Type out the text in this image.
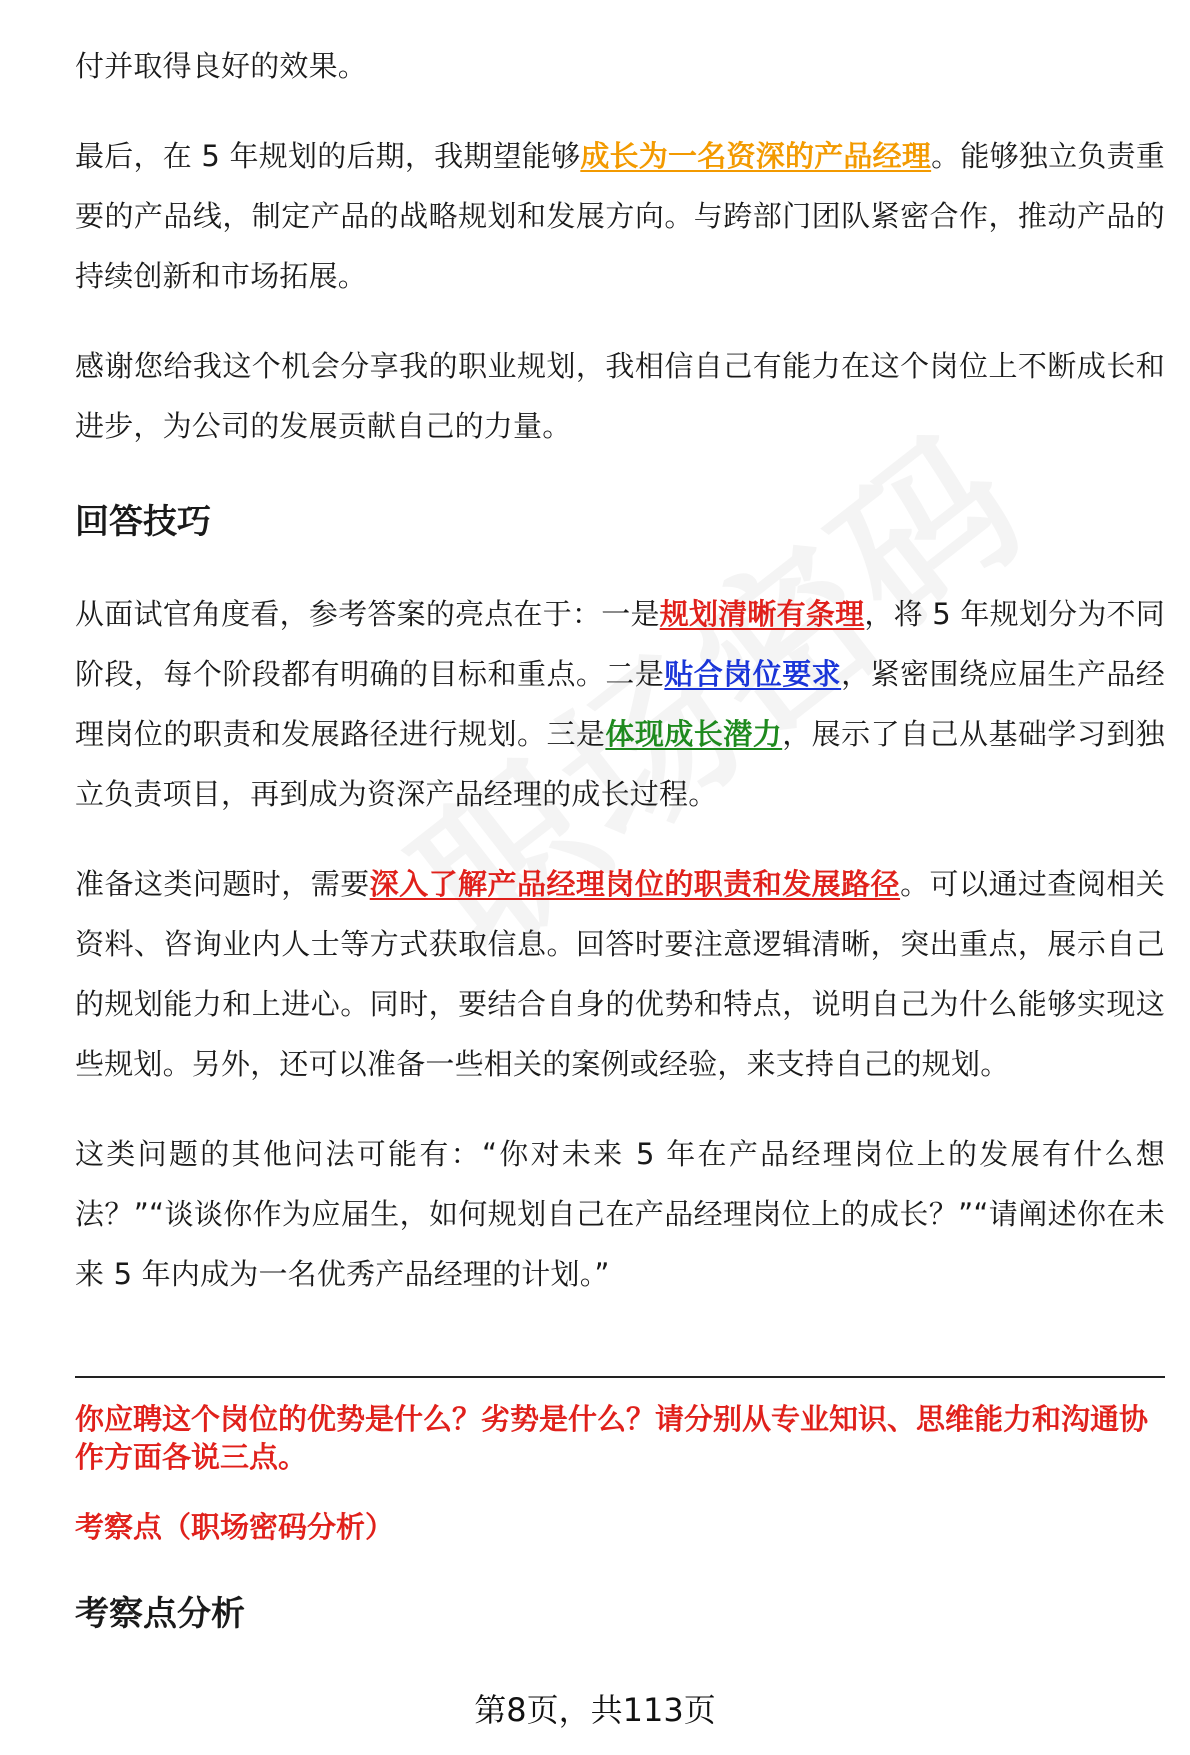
付并取得良好的效果。

最后，在 5 年规划的后期，我期望能够成长为一名资深的产品经理。能够独立负责重要的产品线，制定产品的战略规划和发展方向。与跨部门团队紧密合作，推动产品的持续创新和市场拓展。

感谢您给我这个机会分享我的职业规划，我相信自己有能力在这个岗位上不断成长和进步，为公司的发展贡献自己的力量。

回答技巧

从面试官角度看，参考答案的亮点在于：一是规划清晰有条理，将 5 年规划分为不同阶段，每个阶段都有明确的目标和重点。二是贴合岗位要求，紧密围绕应届生产品经理岗位的职责和发展路径进行规划。三是体现成长潜力，展示了自己从基础学习到独立负责项目，再到成为资深产品经理的成长过程。

准备这类问题时，需要深入了解产品经理岗位的职责和发展路径。可以通过查阅相关资料、咨询业内人士等方式获取信息。回答时要注意逻辑清晰，突出重点，展示自己的规划能力和上进心。同时，要结合自身的优势和特点，说明自己为什么能够实现这些规划。另外，还可以准备一些相关的案例或经验，来支持自己的规划。

这类问题的其他问法可能有：“你对未来 5 年在产品经理岗位上的发展有什么想法？”“谈谈你作为应届生，如何规划自己在产品经理岗位上的成长？”“请阐述你在未来 5 年内成为一名优秀产品经理的计划。”

你应聘这个岗位的优势是什么？劣势是什么？请分别从专业知识、思维能力和沟通协作方面各说三点。
考察点（职场密码分析）
考察点分析
第8页，共113页
